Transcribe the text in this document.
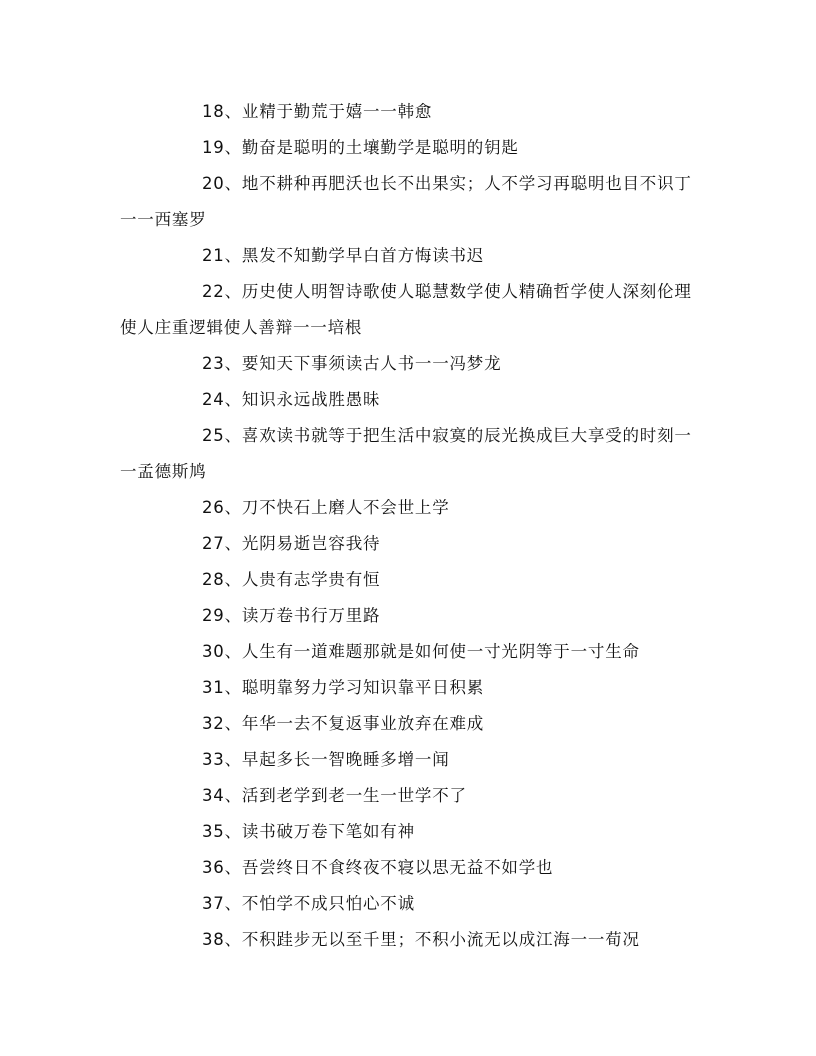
18、业精于勤荒于嬉一一韩愈

19、勤奋是聪明的土壤勤学是聪明的钥匙

20、地不耕种再肥沃也长不出果实；人不学习再聪明也目不识丁一一西塞罗

21、黑发不知勤学早白首方悔读书迟

22、历史使人明智诗歌使人聪慧数学使人精确哲学使人深刻伦理使人庄重逻辑使人善辩一一培根

23、要知天下事须读古人书一一冯梦龙

24、知识永远战胜愚昧

25、喜欢读书就等于把生活中寂寞的辰光换成巨大享受的时刻一一孟德斯鸠

26、刀不快石上磨人不会世上学

27、光阴易逝岂容我待

28、人贵有志学贵有恒

29、读万卷书行万里路

30、人生有一道难题那就是如何使一寸光阴等于一寸生命

31、聪明靠努力学习知识靠平日积累

32、年华一去不复返事业放弃在难成

33、早起多长一智晚睡多增一闻

34、活到老学到老一生一世学不了

35、读书破万卷下笔如有神

36、吾尝终日不食终夜不寝以思无益不如学也

37、不怕学不成只怕心不诚

38、不积跬步无以至千里；不积小流无以成江海一一荀况
